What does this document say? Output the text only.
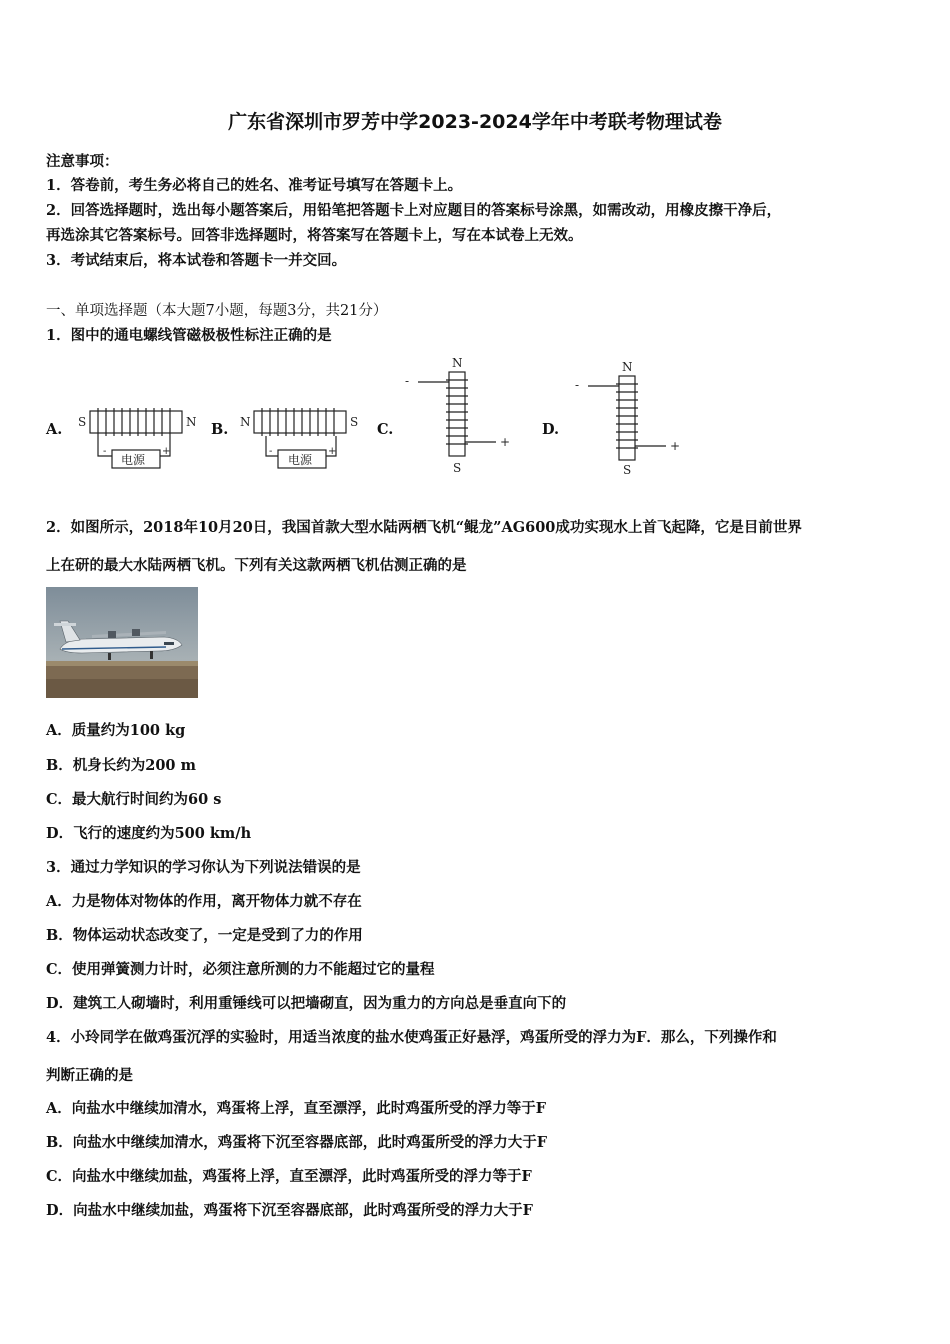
广东省深圳市罗芳中学2023-2024学年中考联考物理试卷
注意事项：
1．答卷前，考生务必将自己的姓名、准考证号填写在答题卡上。
2．回答选择题时，选出每小题答案后，用铅笔把答题卡上对应题目的答案标号涂黑，如需改动，用橡皮擦干净后，
再选涂其它答案标号。回答非选择题时，将答案写在答题卡上，写在本试卷上无效。
3．考试结束后，将本试卷和答题卡一并交回。
一、单项选择题（本大题7小题，每题3分，共21分）
1．图中的通电螺线管磁极极性标注正确的是
A.	B.	C.	D.
S	N
电源
-	+
N	S
电源
-	+
N
S
-
+
N
S
-
+
2．如图所示，2018年10月20日，我国首款大型水陆两栖飞机“鲲龙”AG600成功实现水上首飞起降，它是目前世界
上在研的最大水陆两栖飞机。下列有关这款两栖飞机估测正确的是
A．质量约为100 kg
B．机身长约为200 m
C．最大航行时间约为60 s
D．飞行的速度约为500 km/h
3．通过力学知识的学习你认为下列说法错误的是
A．力是物体对物体的作用，离开物体力就不存在
B．物体运动状态改变了，一定是受到了力的作用
C．使用弹簧测力计时，必须注意所测的力不能超过它的量程
D．建筑工人砌墙时，利用重锤线可以把墙砌直，因为重力的方向总是垂直向下的
4．小玲同学在做鸡蛋沉浮的实验时，用适当浓度的盐水使鸡蛋正好悬浮，鸡蛋所受的浮力为F．那么，下列操作和
判断正确的是
A．向盐水中继续加清水，鸡蛋将上浮，直至漂浮，此时鸡蛋所受的浮力等于F
B．向盐水中继续加清水，鸡蛋将下沉至容器底部，此时鸡蛋所受的浮力大于F
C．向盐水中继续加盐，鸡蛋将上浮，直至漂浮，此时鸡蛋所受的浮力等于F
D．向盐水中继续加盐，鸡蛋将下沉至容器底部，此时鸡蛋所受的浮力大于F
